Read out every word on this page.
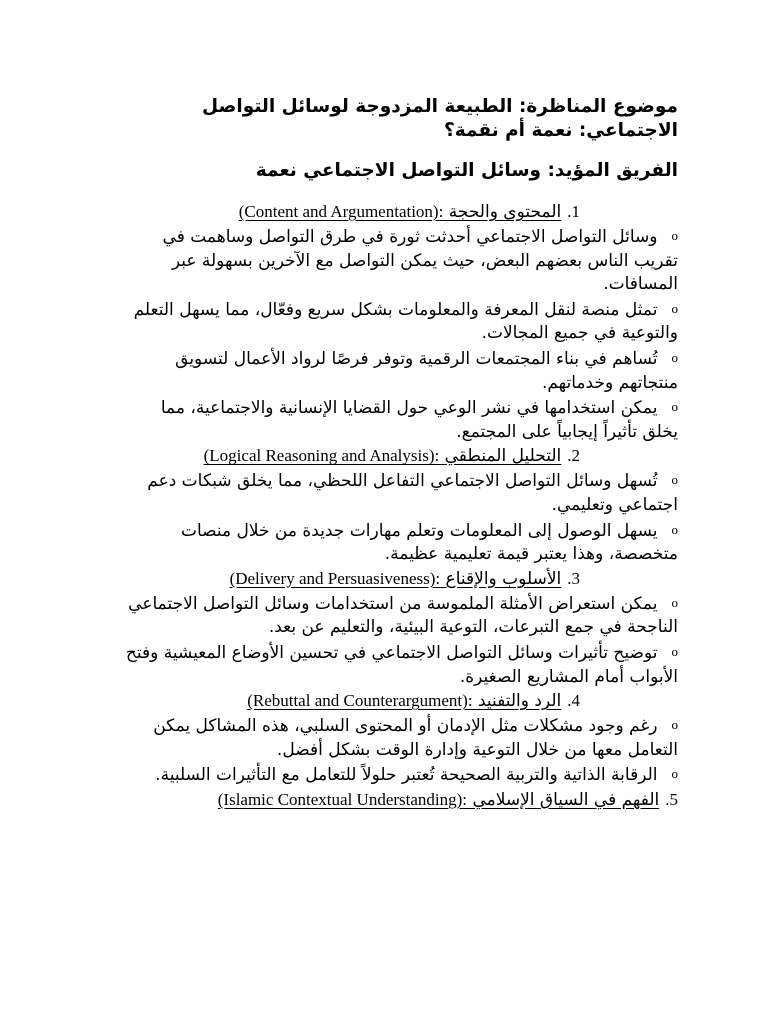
موضوع المناظرة: الطبيعة المزدوجة لوسائل التواصل الاجتماعي: نعمة أم نقمة؟

الفريق المؤيد: وسائل التواصل الاجتماعي نعمة

1.
المحتوى والحجة (Content and Argumentation):

oوسائل التواصل الاجتماعي أحدثت ثورة في طرق التواصل وساهمت في تقريب الناس بعضهم البعض، حيث يمكن التواصل مع الآخرين بسهولة عبر المسافات.
oتمثل منصة لنقل المعرفة والمعلومات بشكل سريع وفعّال، مما يسهل التعلم والتوعية في جميع المجالات.
oتُساهم في بناء المجتمعات الرقمية وتوفر فرصًا لرواد الأعمال لتسويق منتجاتهم وخدماتهم.
oيمكن استخدامها في نشر الوعي حول القضايا الإنسانية والاجتماعية، مما يخلق تأثيراً إيجابياً على المجتمع.

2.
التحليل المنطقي (Logical Reasoning and Analysis):

oتُسهل وسائل التواصل الاجتماعي التفاعل اللحظي، مما يخلق شبكات دعم اجتماعي وتعليمي.
oيسهل الوصول إلى المعلومات وتعلم مهارات جديدة من خلال منصات متخصصة، وهذا يعتبر قيمة تعليمية عظيمة.

3.
الأسلوب والإقناع (Delivery and Persuasiveness):

oيمكن استعراض الأمثلة الملموسة من استخدامات وسائل التواصل الاجتماعي الناجحة في جمع التبرعات، التوعية البيئية، والتعليم عن بعد.
oتوضيح تأثيرات وسائل التواصل الاجتماعي في تحسين الأوضاع المعيشية وفتح الأبواب أمام المشاريع الصغيرة.

4.
الرد والتفنيد (Rebuttal and Counterargument):

oرغم وجود مشكلات مثل الإدمان أو المحتوى السلبي، هذه المشاكل يمكن التعامل معها من خلال التوعية وإدارة الوقت بشكل أفضل.
oالرقابة الذاتية والتربية الصحيحة تُعتبر حلولاً للتعامل مع التأثيرات السلبية.

5.
الفهم في السياق الإسلامي (Islamic Contextual Understanding):
